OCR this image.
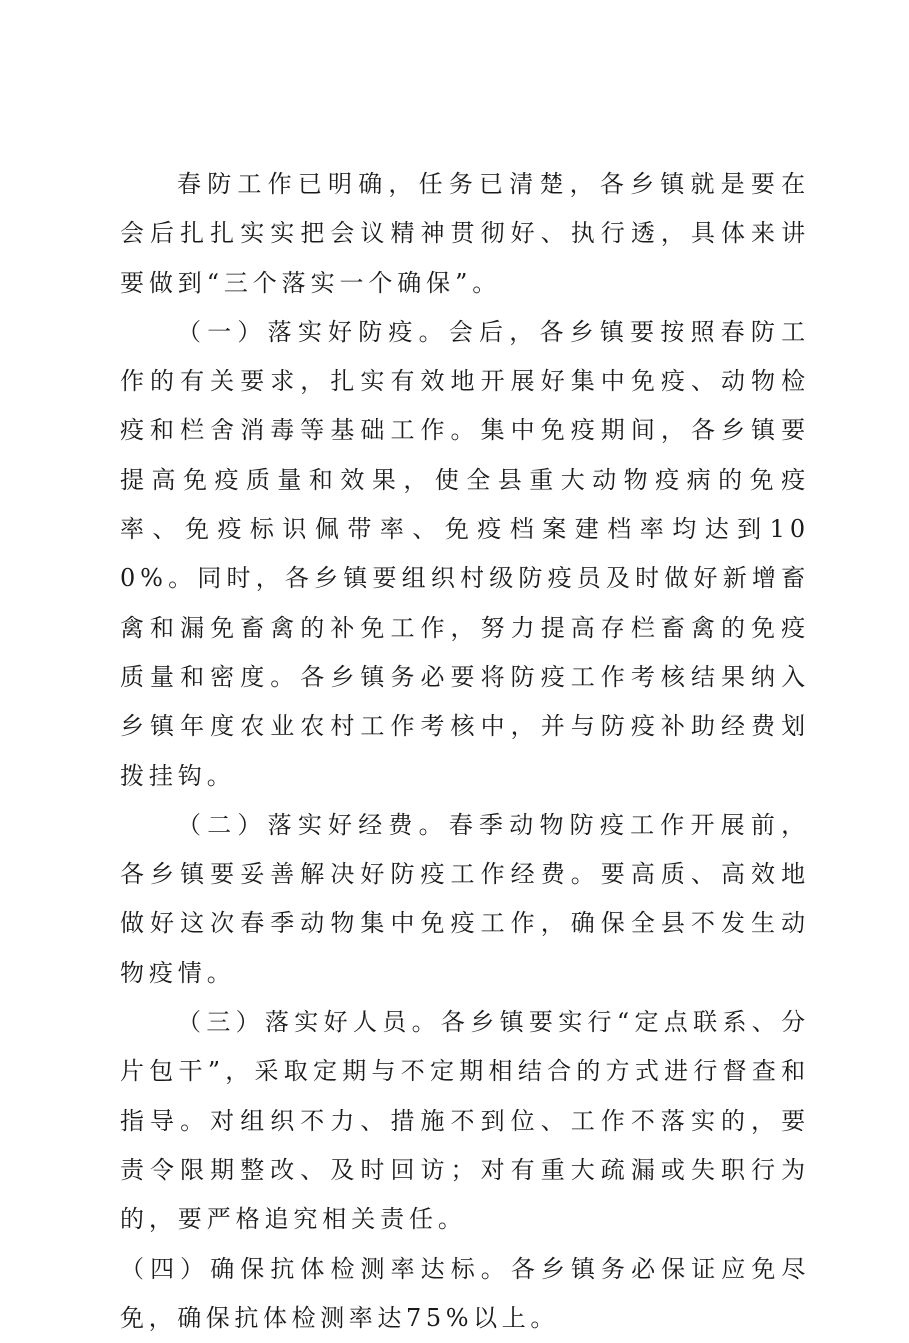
春防工作已明确，任务已清楚，各乡镇就是要在会后扎扎实实把会议精神贯彻好、执行透，具体来讲要做到“三个落实一个确保”。

（一）落实好防疫。会后，各乡镇要按照春防工作的有关要求，扎实有效地开展好集中免疫、动物检疫和栏舍消毒等基础工作。集中免疫期间，各乡镇要提高免疫质量和效果，使全县重大动物疫病的免疫率、免疫标识佩带率、免疫档案建档率均达到100%。同时，各乡镇要组织村级防疫员及时做好新增畜禽和漏免畜禽的补免工作，努力提高存栏畜禽的免疫质量和密度。各乡镇务必要将防疫工作考核结果纳入乡镇年度农业农村工作考核中，并与防疫补助经费划拨挂钩。

（二）落实好经费。春季动物防疫工作开展前，各乡镇要妥善解决好防疫工作经费。要高质、高效地做好这次春季动物集中免疫工作，确保全县不发生动物疫情。

（三）落实好人员。各乡镇要实行“定点联系、分片包干”，采取定期与不定期相结合的方式进行督查和指导。对组织不力、措施不到位、工作不落实的，要责令限期整改、及时回访；对有重大疏漏或失职行为的，要严格追究相关责任。

（四）确保抗体检测率达标。各乡镇务必保证应免尽免，确保抗体检测率达75%以上。
